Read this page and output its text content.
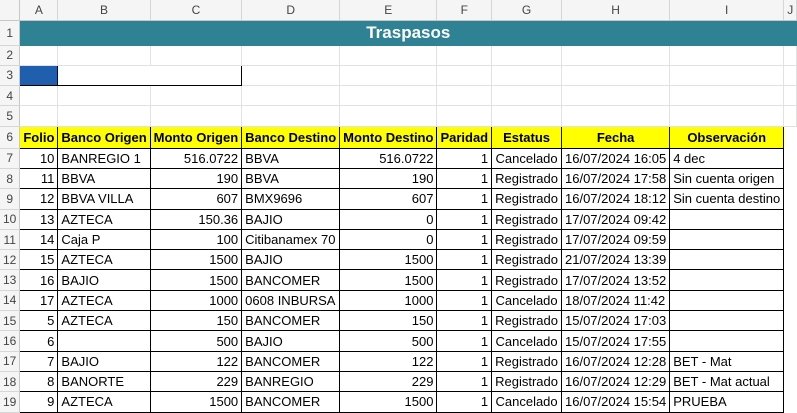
	A	B	C	D	E	F	G	H	I	J
1	Traspasos									
2										
3										
4										
5										
6	Folio	Banco Origen	Monto Origen	Banco Destino	Monto Destino	Paridad	Estatus	Fecha	Observación	
7	10	BANREGIO 1	516.0722	BBVA	516.0722	1	Cancelado	16/07/2024 16:05	4 dec	
8	11	BBVA	190	BBVA	190	1	Registrado	16/07/2024 17:58	Sin cuenta origen	
9	12	BBVA VILLA	607	BMX9696	607	1	Registrado	16/07/2024 18:12	Sin cuenta destino	
10	13	AZTECA	150.36	BAJIO	0	1	Registrado	17/07/2024 09:42		
11	14	Caja P	100	Citibanamex 70	0	1	Registrado	17/07/2024 09:59		
12	15	AZTECA	1500	BAJIO	1500	1	Registrado	21/07/2024 13:39		
13	16	BAJIO	1500	BANCOMER	1500	1	Registrado	17/07/2024 13:52		
14	17	AZTECA	1000	0608 INBURSA	1000	1	Cancelado	18/07/2024 11:42		
15	5	AZTECA	150	BANCOMER	150	1	Registrado	15/07/2024 17:03		
16	6		500	BAJIO	500	1	Cancelado	15/07/2024 17:55		
17	7	BAJIO	122	BANCOMER	122	1	Registrado	16/07/2024 12:28	BET - Mat	
18	8	BANORTE	229	BANREGIO	229	1	Registrado	16/07/2024 12:29	BET - Mat actual	
19	9	AZTECA	1500	BANCOMER	1500	1	Cancelado	16/07/2024 15:54	PRUEBA	
